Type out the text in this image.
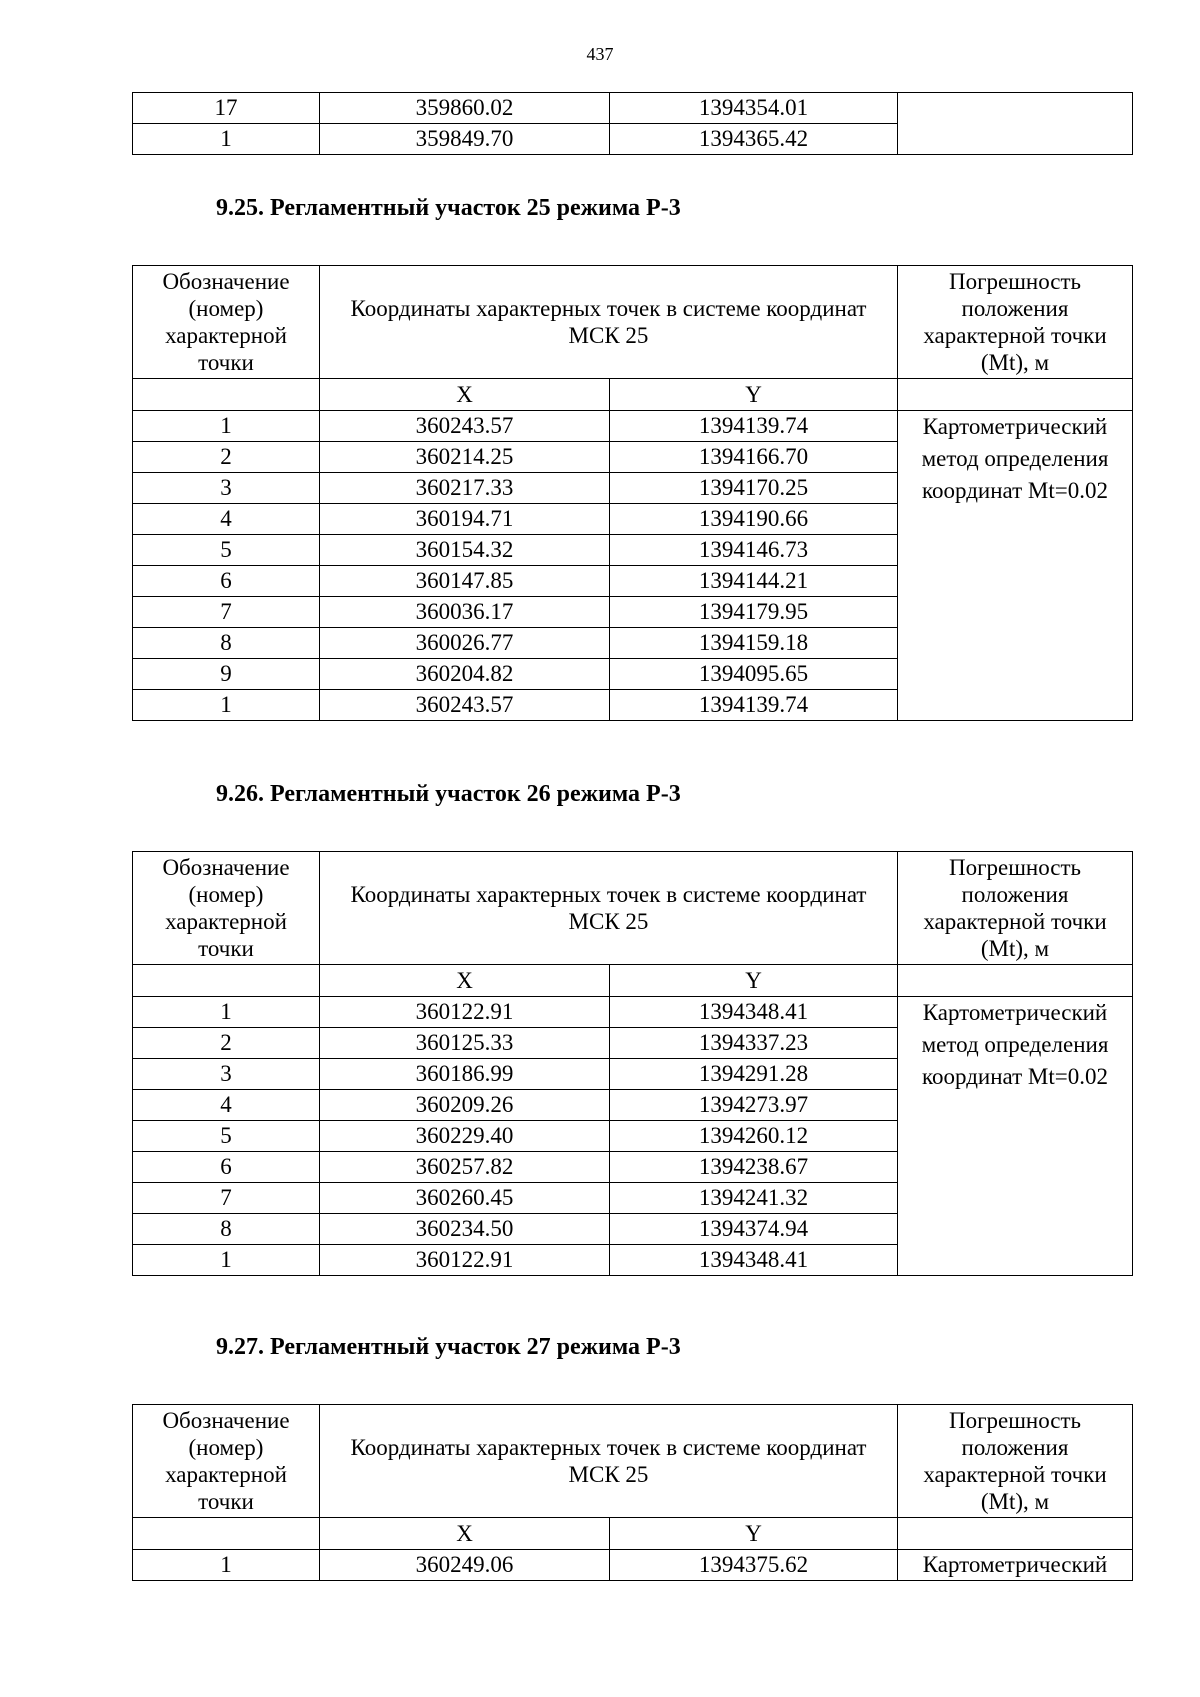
437
17	359860.02	1394354.01	
1	359849.70	1394365.42	
9.25. Регламентный участок 25 режима Р-3
Обозначение (номер) характерной точки	Координаты характерных точек в системе координат МСК 25		Погрешность положения характерной точки (Mt), м
	X	Y	
1	360243.57	1394139.74	Картометрический метод определения координат Mt=0.02
2	360214.25	1394166.70	
3	360217.33	1394170.25	
4	360194.71	1394190.66	
5	360154.32	1394146.73	
6	360147.85	1394144.21	
7	360036.17	1394179.95	
8	360026.77	1394159.18	
9	360204.82	1394095.65	
1	360243.57	1394139.74	
9.26. Регламентный участок 26 режима Р-3
Обозначение (номер) характерной точки	Координаты характерных точек в системе координат МСК 25		Погрешность положения характерной точки (Mt), м
	X	Y	
1	360122.91	1394348.41	Картометрический метод определения координат Mt=0.02
2	360125.33	1394337.23	
3	360186.99	1394291.28	
4	360209.26	1394273.97	
5	360229.40	1394260.12	
6	360257.82	1394238.67	
7	360260.45	1394241.32	
8	360234.50	1394374.94	
1	360122.91	1394348.41	
9.27. Регламентный участок 27 режима Р-3
Обозначение (номер) характерной точки	Координаты характерных точек в системе координат МСК 25		Погрешность положения характерной точки (Mt), м
	X	Y	
1	360249.06	1394375.62	Картометрический
